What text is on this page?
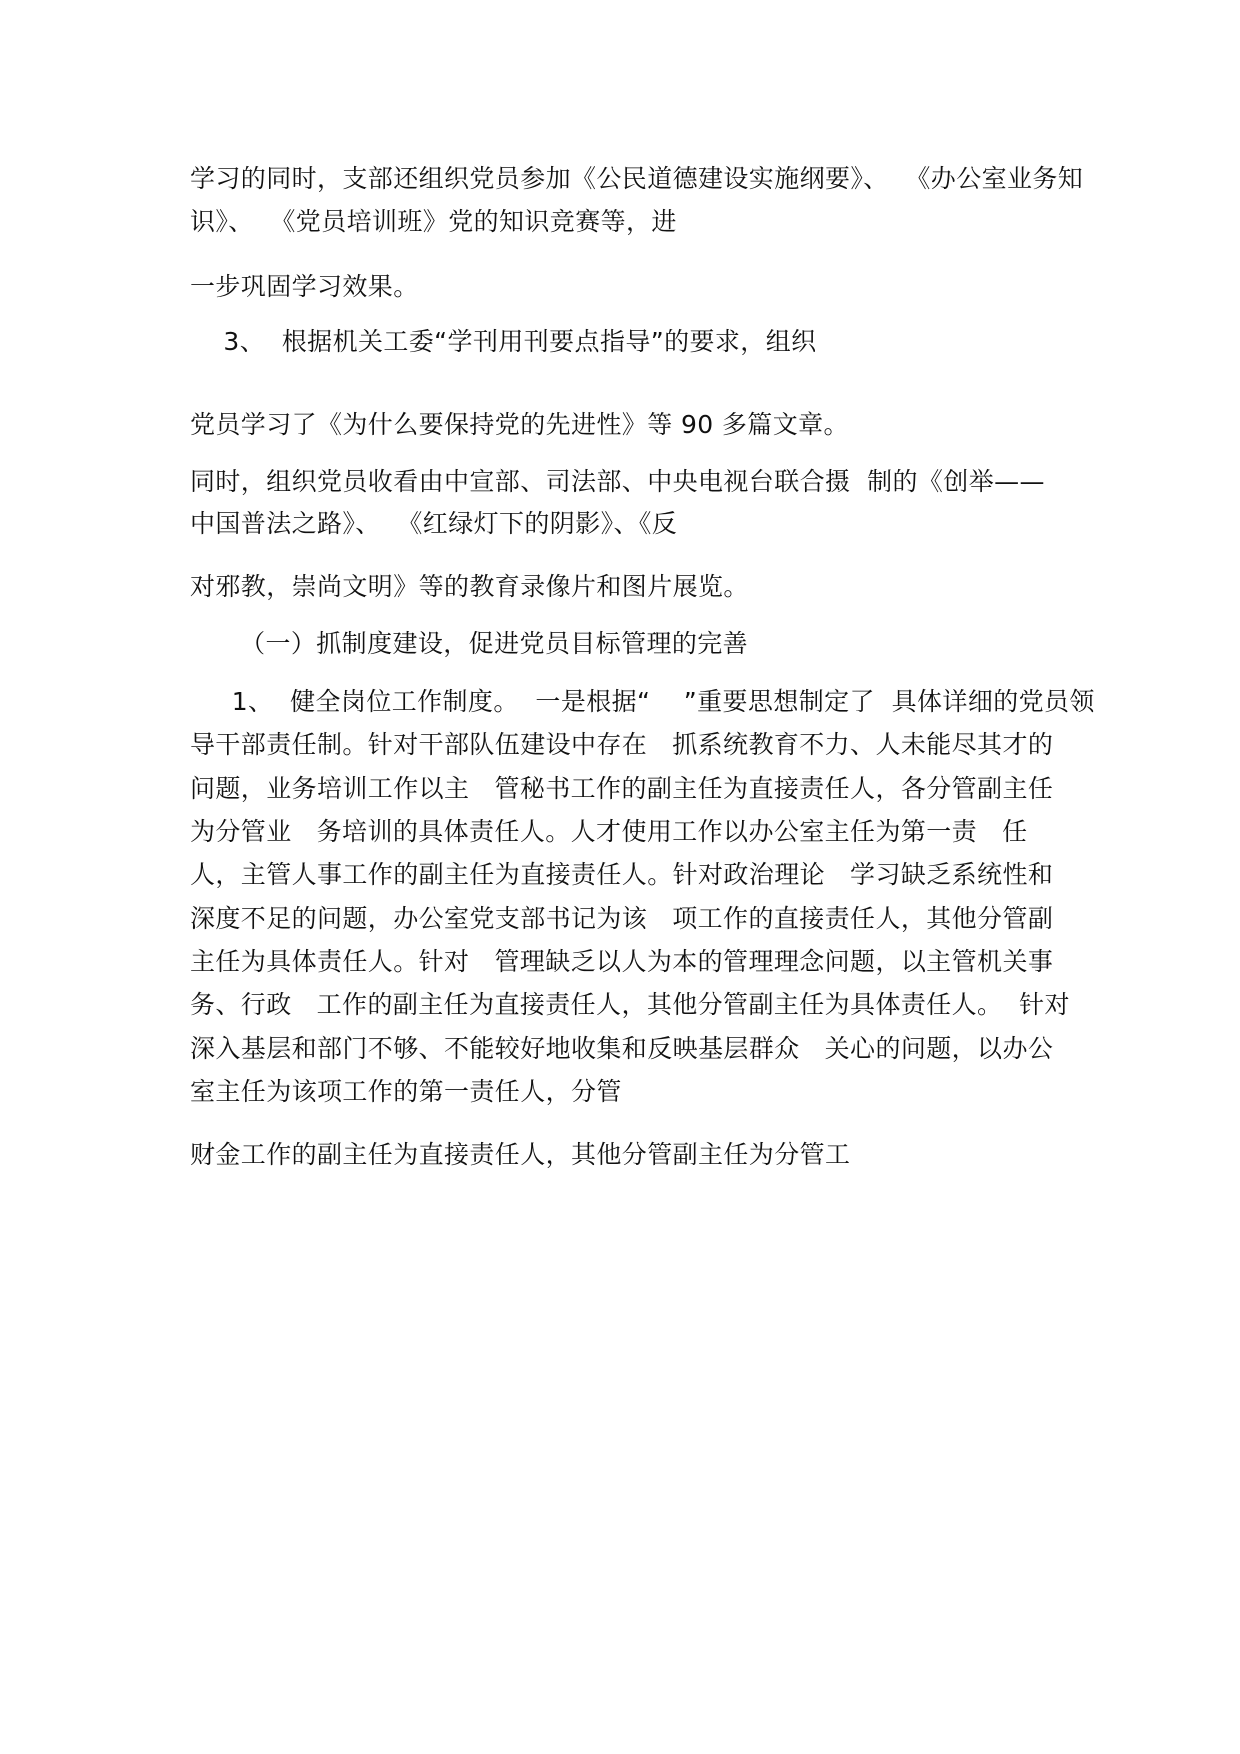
学习的同时，支部还组织党员参加《公民道德建设实施纲要》、  《办公室业务知
识》、  《党员培训班》党的知识竞赛等，进
一步巩固学习效果。
3、  根据机关工委“学刊用刊要点指导”的要求，组织
党员学习了《为什么要保持党的先进性》等 90 多篇文章。
同时，组织党员收看由中宣部、司法部、中央电视台联合摄  制的《创举——
中国普法之路》、  《红绿灯下的阴影》、《反
对邪教，崇尚文明》等的教育录像片和图片展览。
（一）抓制度建设，促进党员目标管理的完善
1、  健全岗位工作制度。  一是根据“    ”重要思想制定了  具体详细的党员领
导干部责任制。针对干部队伍建设中存在   抓系统教育不力、人未能尽其才的
问题，业务培训工作以主   管秘书工作的副主任为直接责任人，各分管副主任
为分管业   务培训的具体责任人。人才使用工作以办公室主任为第一责   任
人，主管人事工作的副主任为直接责任人。针对政治理论   学习缺乏系统性和
深度不足的问题，办公室党支部书记为该   项工作的直接责任人，其他分管副
主任为具体责任人。针对   管理缺乏以人为本的管理理念问题，以主管机关事
务、行政   工作的副主任为直接责任人，其他分管副主任为具体责任人。  针对
深入基层和部门不够、不能较好地收集和反映基层群众   关心的问题，以办公
室主任为该项工作的第一责任人，分管
财金工作的副主任为直接责任人，其他分管副主任为分管工
